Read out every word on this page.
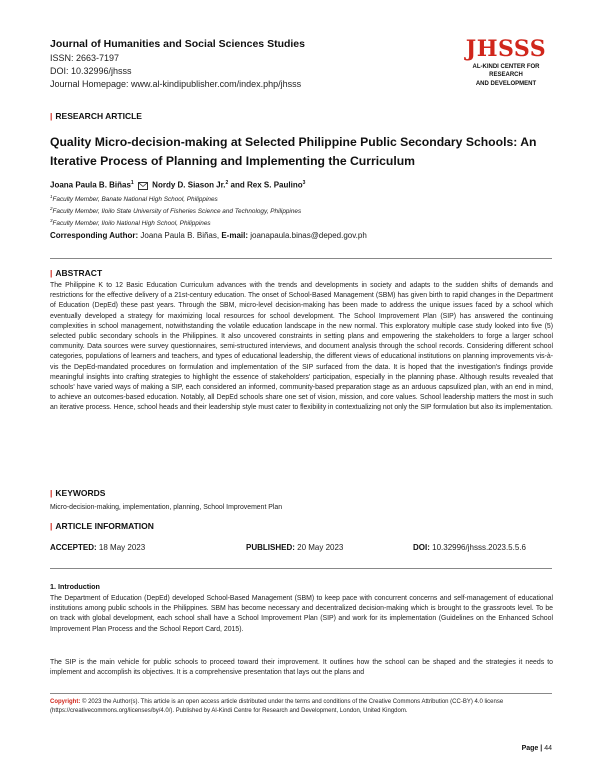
Journal of Humanities and Social Sciences Studies
ISSN: 2663-7197
DOI: 10.32996/jhsss
Journal Homepage: www.al-kindipublisher.com/index.php/jhsss
JHSSS
AL-KINDI CENTER FOR RESEARCH
AND DEVELOPMENT
| RESEARCH ARTICLE
Quality Micro-decision-making at Selected Philippine Public Secondary Schools: An
Iterative Process of Planning and Implementing the Curriculum
Joana Paula B. Biñas$^1$ Nordy D. Siason Jr.$^2$ and Rex S. Paulino$^3$
$^1$Faculty Member, Banate National High School, Philippines
$^2$Faculty Member, Iloilo State University of Fisheries Science and Technology, Philippines
$^3$Faculty Member, Iloilo National High School, Philippines
Corresponding Author: Joana Paula B. Biñas, E-mail: joanapaula.binas@deped.gov.ph
| ABSTRACT
The Philippine K to 12 Basic Education Curriculum advances with the trends and developments in society and adapts to the sudden shifts of demands and restrictions for the effective delivery of a 21st-century education. The onset of School-Based Management (SBM) has given birth to rapid changes in the Department of Education (DepEd) these past years. Through the SBM, micro-level decision-making has been made to address the unique issues faced by a school which eventually developed a strategy for maximizing local resources for school development. The School Improvement Plan (SIP) has answered the continuing complexities in school management, notwithstanding the volatile education landscape in the new normal. This exploratory multiple case study looked into five (5) selected public secondary schools in the Philippines. It also uncovered constraints in setting plans and empowering the stakeholders to forge a larger school community. Data sources were survey questionnaires, semi-structured interviews, and document analysis through the school records. Considering different school categories, populations of learners and teachers, and types of educational leadership, the different views of educational institutions on planning improvements vis-à-vis the DepEd-mandated procedures on formulation and implementation of the SIP surfaced from the data. It is hoped that the investigation's findings provide meaningful insights into crafting strategies to highlight the essence of stakeholders' participation, especially in the planning phase. Although results revealed that schools' have varied ways of making a SIP, each considered an informed, community-based preparation stage as an arduous capsulized plan, with an end in mind, to achieve an outcomes-based education. Notably, all DepEd schools share one set of vision, mission, and core values. School leadership matters the most in such an iterative process. Hence, school heads and their leadership style must cater to flexibility in contextualizing not only the SIP formulation but also its implementation.
| KEYWORDS
Micro-decision-making, implementation, planning, School Improvement Plan
| ARTICLE INFORMATION
ACCEPTED: 18 May 2023	PUBLISHED: 20 May 2023	DOI: 10.32996/jhsss.2023.5.5.6
1. Introduction
The Department of Education (DepEd) developed School-Based Management (SBM) to keep pace with concurrent concerns and self-management of educational institutions among public schools in the Philippines. SBM has become necessary and decentralized decision-making which is brought to the grassroots level. To be on track with global development, each school shall have a School Improvement Plan (SIP) and work for its implementation (Guidelines on the Enhanced School Improvement Plan Process and the School Report Card, 2015).
The SIP is the main vehicle for public schools to proceed toward their improvement. It outlines how the school can be shaped and the strategies it needs to implement and accomplish its objectives. It is a comprehensive presentation that lays out the plans and
Copyright: © 2023 the Author(s). This article is an open access article distributed under the terms and conditions of the Creative Commons Attribution (CC-BY) 4.0 license (https://creativecommons.org/licenses/by/4.0/). Published by Al-Kindi Centre for Research and Development, London, United Kingdom.
Page | 44
